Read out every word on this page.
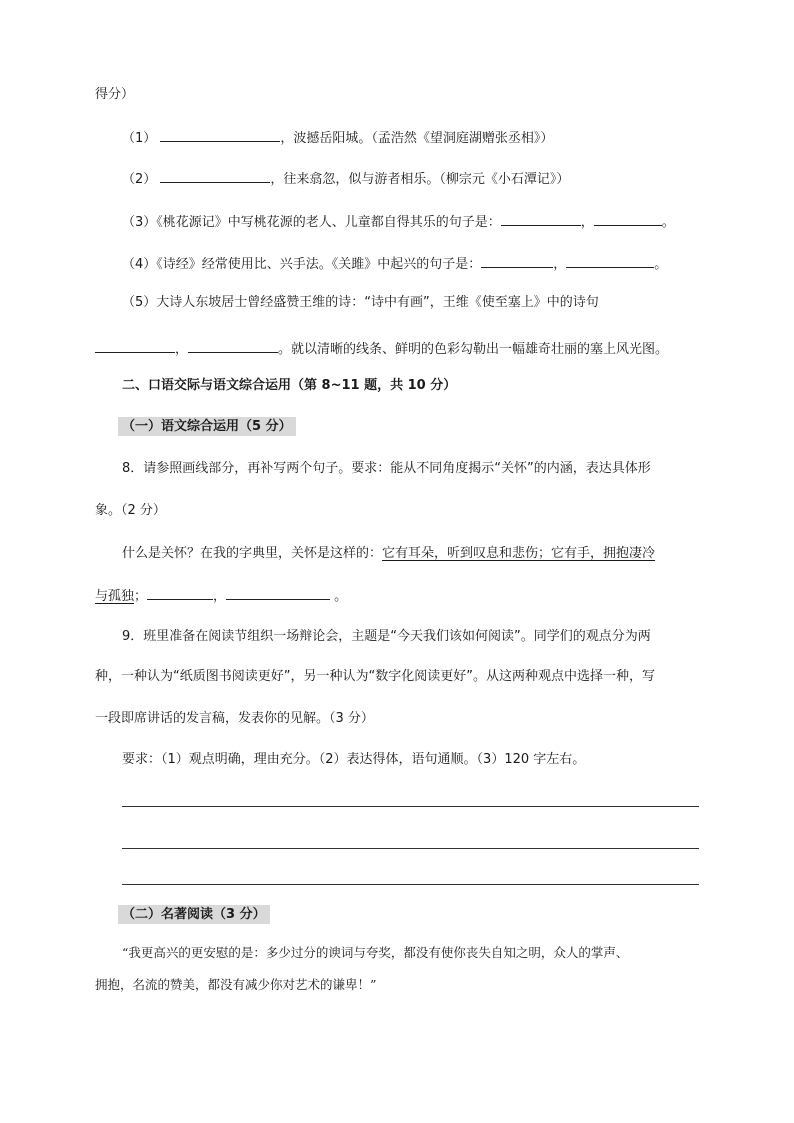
得分）
（1）	，波撼岳阳城。（孟浩然《望洞庭湖赠张丞相》）
（2）	，往来翕忽，似与游者相乐。（柳宗元《小石潭记》）
（3）《桃花源记》中写桃花源的老人、儿童都自得其乐的句子是：	，	。
（4）《诗经》经常使用比、兴手法。《关雎》中起兴的句子是：	，	。
（5）大诗人东坡居士曾经盛赞王维的诗：“诗中有画”，王维《使至塞上》中的诗句
，	。就以清晰的线条、鲜明的色彩勾勒出一幅雄奇壮丽的塞上风光图。
二、口语交际与语文综合运用（第 8~11 题，共 10 分）
（一）语文综合运用（5 分）
8．请参照画线部分，再补写两个句子。要求：能从不同角度揭示“关怀”的内涵，表达具体形
象。（2 分）
什么是关怀？在我的字典里，关怀是这样的：它有耳朵，听到叹息和悲伤；它有手，拥抱凄冷
与孤独；	，	。
9．班里准备在阅读节组织一场辩论会，主题是“今天我们该如何阅读”。同学们的观点分为两
种，一种认为“纸质图书阅读更好”，另一种认为“数字化阅读更好”。从这两种观点中选择一种，写
一段即席讲话的发言稿，发表你的见解。（3 分）
要求：（1）观点明确，理由充分。（2）表达得体，语句通顺。（3）120 字左右。
（二）名著阅读（3 分）
“我更高兴的更安慰的是：多少过分的谀词与夸奖，都没有使你丧失自知之明，众人的掌声、
拥抱，名流的赞美，都没有减少你对艺术的谦卑！”
